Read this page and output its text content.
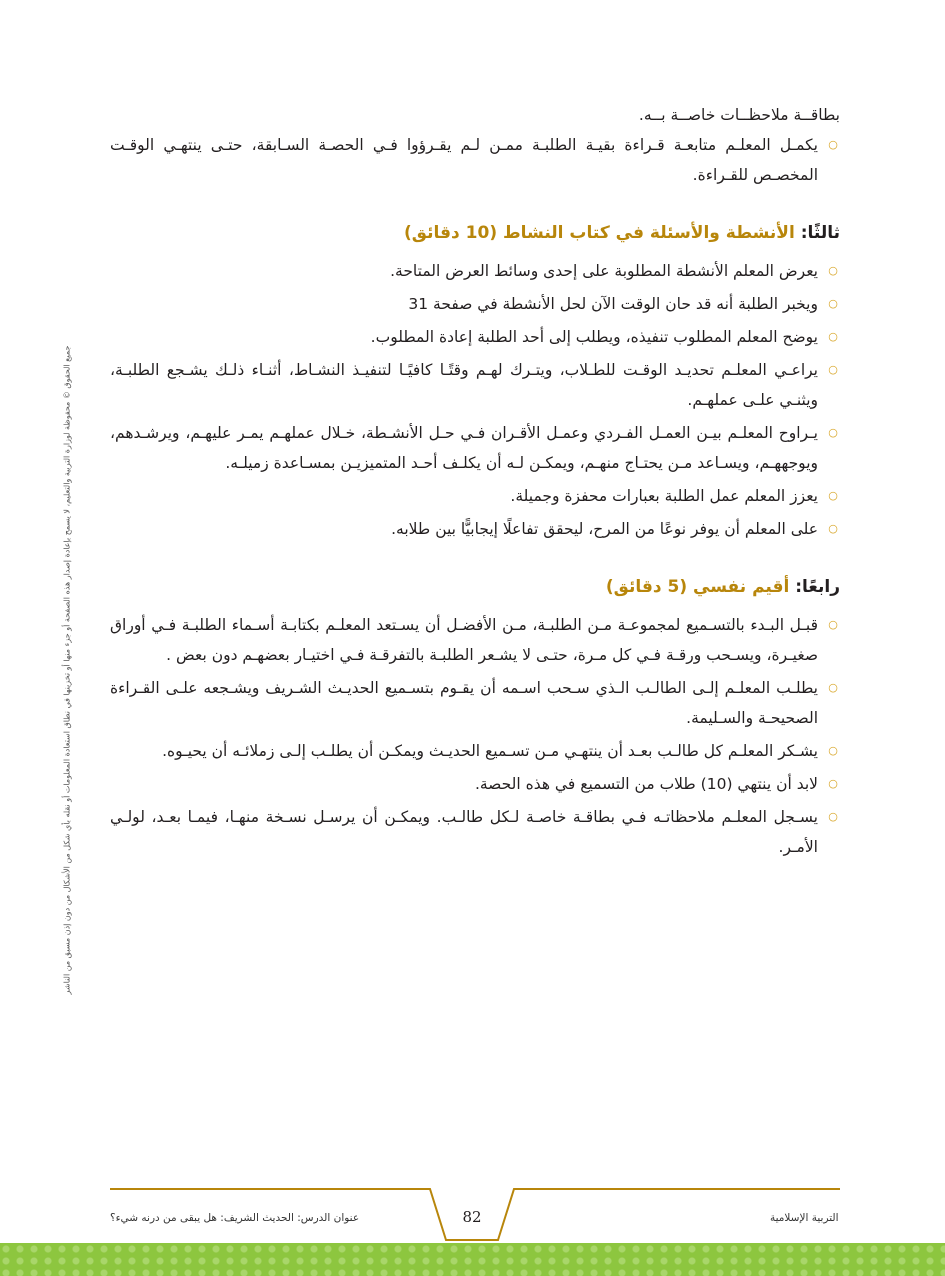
بطاقــة ملاحظــات خاصــة بــه.

○
يكمـل المعلـم متابعـة قـراءة بقيـة الطلبـة ممـن لـم يقـرؤوا فـي الحصـة السـابقة، حتـى ينتهـي الوقـت المخصـص للقـراءة.
ثالثًا: الأنشطة والأسئلة في كتاب النشاط (10 دقائق)
○
يعرض المعلم الأنشطة المطلوبة على إحدى وسائط العرض المتاحة.
○
ويخبر الطلبة أنه قد حان الوقت الآن لحل الأنشطة في صفحة 31
○
يوضح المعلم المطلوب تنفيذه، ويطلب إلى أحد الطلبة إعادة المطلوب.
○
يراعـي المعلـم تحديـد الوقـت للطـلاب، ويتـرك لهـم وقتًـا كافيًـا لتنفيـذ النشـاط، أثنـاء ذلـك يشـجع الطلبـة، ويثنـي علـى عملهـم.
○
يـراوح المعلـم بيـن العمـل الفـردي وعمـل الأقـران فـي حـل الأنشـطة، خـلال عملهـم يمـر عليهـم، ويرشـدهم، ويوجههـم، ويسـاعد مـن يحتـاج منهـم، ويمكـن لـه أن يكلـف أحـد المتميزيـن بمسـاعدة زميلـه.
○
يعزز المعلم عمل الطلبة بعبارات محفزة وجميلة.
○
على المعلم أن يوفر نوعًا من المرح، ليحقق تفاعلًا إيجابيًّا بين طلابه.
رابعًا: أقيم نفسي (5 دقائق)
○
قبـل البـدء بالتسـميع لمجموعـة مـن الطلبـة، مـن الأفضـل أن يسـتعد المعلـم بكتابـة أسـماء الطلبـة فـي أوراق صغيـرة، ويسـحب ورقـة فـي كل مـرة، حتـى لا يشـعر الطلبـة بالتفرقـة فـي اختيـار بعضهـم دون بعض .
○
يطلـب المعلـم إلـى الطالـب الـذي سـحب اسـمه أن يقـوم بتسـميع الحديـث الشـريف ويشـجعه علـى القـراءة الصحيحـة والسـليمة.
○
يشـكر المعلـم كل طالـب بعـد أن ينتهـي مـن تسـميع الحديـث ويمكـن أن يطلـب إلـى زملائـه أن يحيـوه.
○
لابد أن ينتهي (10) طلاب من التسميع في هذه الحصة.
○
يسـجل المعلـم ملاحظاتـه فـي بطاقـة خاصـة لـكل طالـب. ويمكـن أن يرسـل نسـخة منهـا، فيمـا بعـد، لولـي الأمـر.
جميع الحقوق © محفوظة لوزارة التربية والتعليم، لا يسمح بإعادة إصدار هذه الصفحة أو جزء منها أو تخزينها في نطاق استعادة المعلومات أو نقله بأي شكل من الأشكال من دون إذن مسبق من الناشر
التربية الإسلامية
82
عنوان الدرس: الحديث الشريف: هل يبقى من درنه شيء؟
